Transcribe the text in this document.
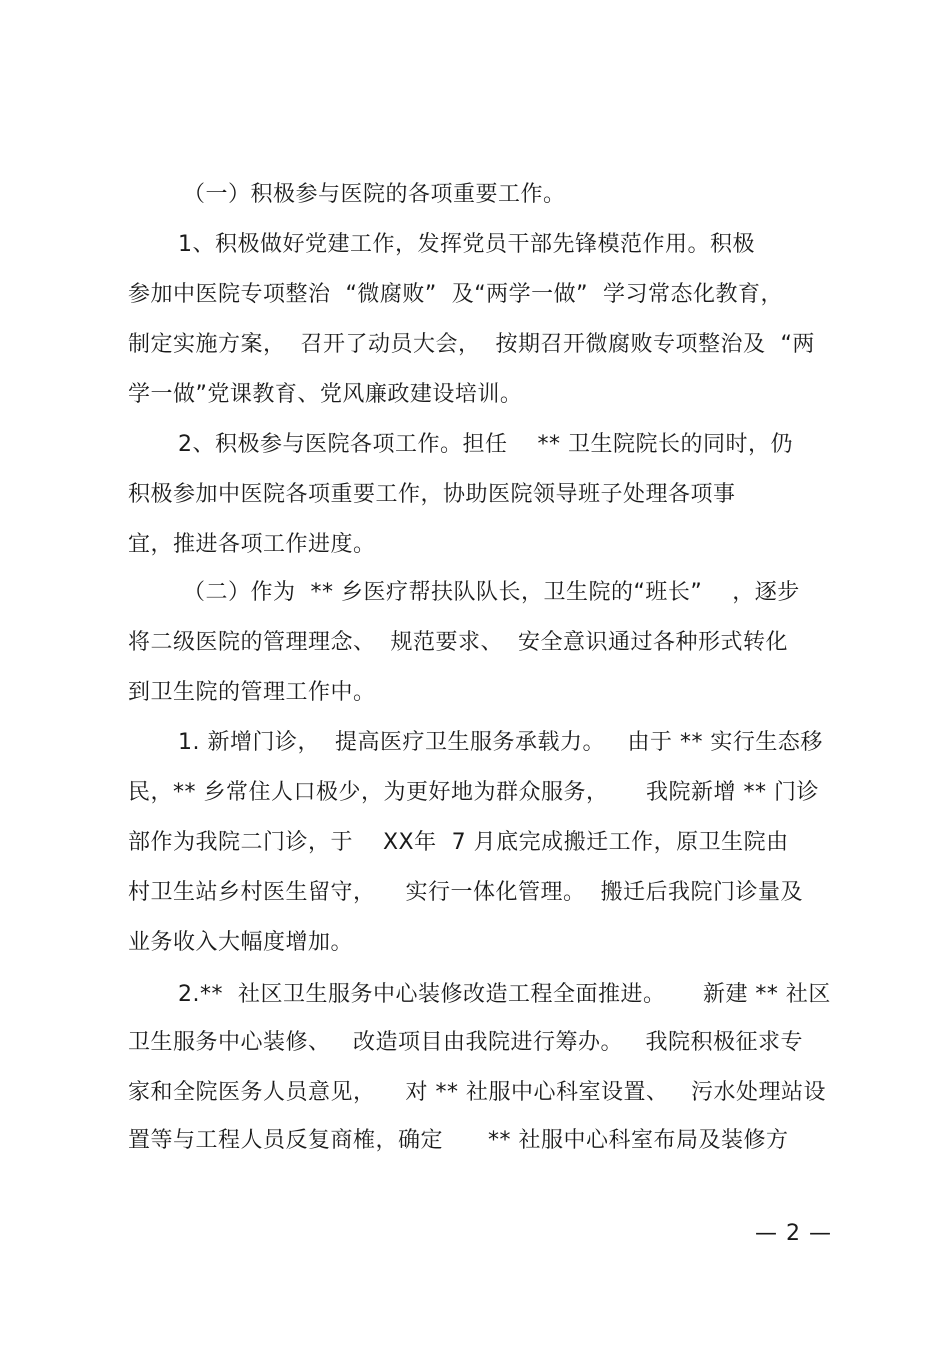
（一）积极参与医院的各项重要工作。
1、积极做好党建工作，发挥党员干部先锋模范作用。积极
参加中医院专项整治  “微腐败”  及“两学一做”  学习常态化教育，
制定实施方案，  召开了动员大会，  按期召开微腐败专项整治及  “两
学一做”党课教育、党风廉政建设培训。
2、积极参与医院各项工作。担任    ** 卫生院院长的同时，仍
积极参加中医院各项重要工作，协助医院领导班子处理各项事
宜，推进各项工作进度。
（二）作为  ** 乡医疗帮扶队队长，卫生院的“班长”    ，逐步
将二级医院的管理理念、  规范要求、  安全意识通过各种形式转化
到卫生院的管理工作中。
1. 新增门诊，  提高医疗卫生服务承载力。   由于 ** 实行生态移
民，** 乡常住人口极少，为更好地为群众服务，     我院新增 ** 门诊
部作为我院二门诊，于    XX年  7 月底完成搬迁工作，原卫生院由
村卫生站乡村医生留守，    实行一体化管理。  搬迁后我院门诊量及
业务收入大幅度增加。
2.**  社区卫生服务中心装修改造工程全面推进。     新建 ** 社区
卫生服务中心装修、   改造项目由我院进行筹办。   我院积极征求专
家和全院医务人员意见，    对 ** 社服中心科室设置、   污水处理站设
置等与工程人员反复商榷，确定      ** 社服中心科室布局及装修方
— 2 —
